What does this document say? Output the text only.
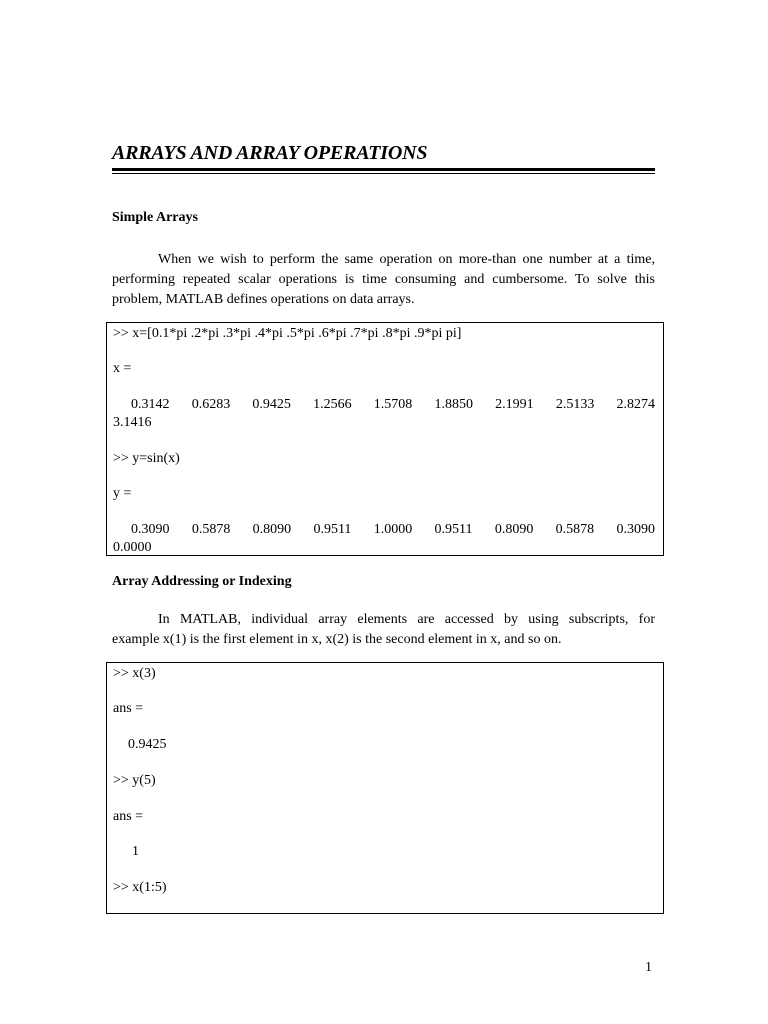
ARRAYS AND ARRAY OPERATIONS
Simple Arrays
When we wish to perform the same operation on more-than one number at a time,
performing repeated scalar operations is time consuming and cumbersome. To solve this
problem, MATLAB defines operations on data arrays.
>> x=[0.1*pi .2*pi .3*pi .4*pi .5*pi .6*pi .7*pi .8*pi .9*pi pi]
x =
0.3142 0.6283 0.9425 1.2566 1.5708 1.8850 2.1991 2.5133 2.8274
3.1416
>> y=sin(x)
y =
0.3090 0.5878 0.8090 0.9511 1.0000 0.9511 0.8090 0.5878 0.3090
0.0000
Array Addressing or Indexing
In MATLAB, individual array elements are accessed by using subscripts, for
example x(1) is the first element in x, x(2) is the second element in x, and so on.
>> x(3)
ans =
0.9425
>> y(5)
ans =
1
>> x(1:5)
1
